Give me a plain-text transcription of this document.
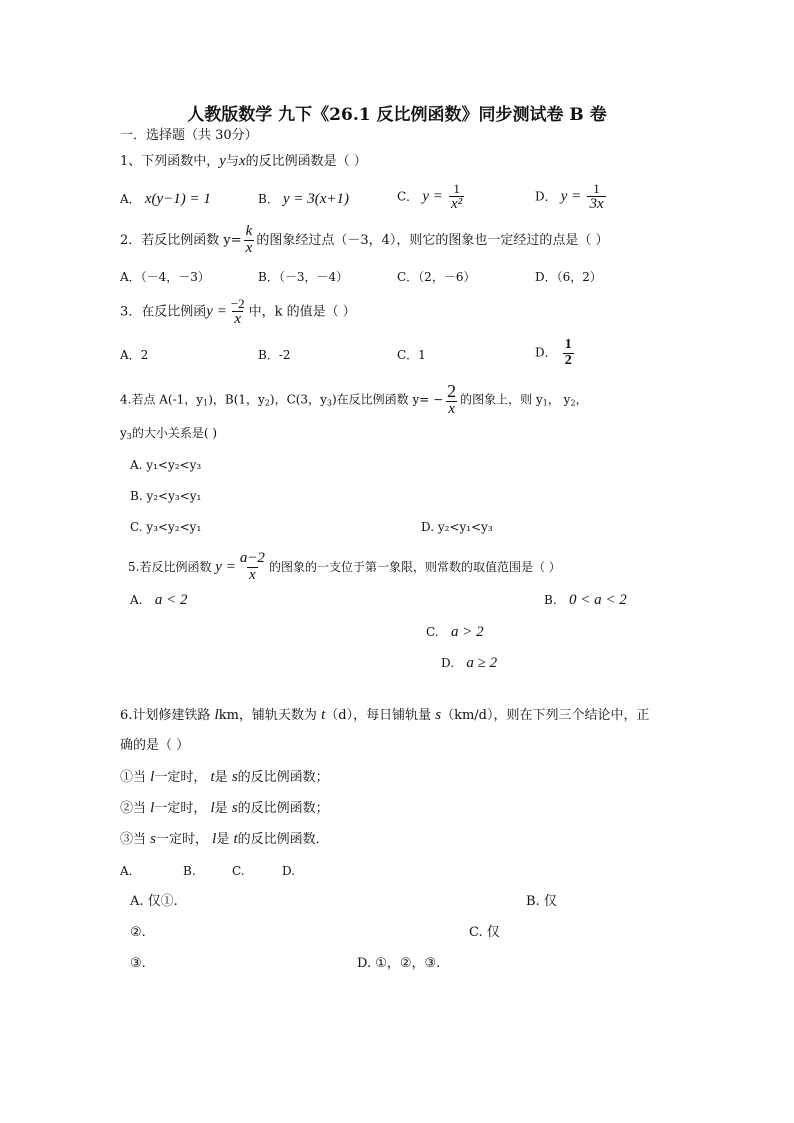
人教版数学 九下《26.1 反比例函数》同步测试卷 B 卷
一．选择题（共 30分）
1、下列函数中，y与x的反比例函数是（ ）
A． x(y−1) = 1	B． y = 3(x+1)	C． $y = \frac{1}{\text{x²}}$	D． $y = \frac{1}{3x}$
2．若反比例函数 $y= \frac{k}{x}$ 的图象经过点（－3，4），则它的图象也一定经过的点是（ ）
A．（－4，－3）	B．（－3，－4）	C．（2，－6）	D．（6，2）
3．在反比例函$y = \frac{-2}{x}$ 中，k 的值是（ ）
A．2	B．-2	C．1	D． $\frac{1}{2}$
4.若点 A(-1，$y_1$)，B(1，$y_2$)，C(3，$y_3$)在反比例函数 $y= - \frac{2}{x}$ 的图象上，则 $y_1$， $y_2$，
$y_3$的大小关系是( )
A. y₁<y₂<y₃
B. y₂<y₃<y₁
C. y₃<y₂<y₁	D. y₂<y₁<y₃
5.若反比例函数 $y = \frac{a-2}{x}$ 的图象的一支位于第一象限，则常数的取值范围是（ ）
A. a < 2	B. 0 < a < 2
C. a > 2
D. a ≥ 2
6.计划修建铁路 lkm，铺轨天数为 t（d），每日铺轨量 s（km/d），则在下列三个结论中，正
确的是（ ）
①当 l一定时， t是 s的反比例函数；
②当 l一定时， l是 s的反比例函数；
③当 s一定时， l是 t的反比例函数．
A.	B.	C.	D.
A. 仅①.	B. 仅
②.	C. 仅
③.	D. ①，②，③.
